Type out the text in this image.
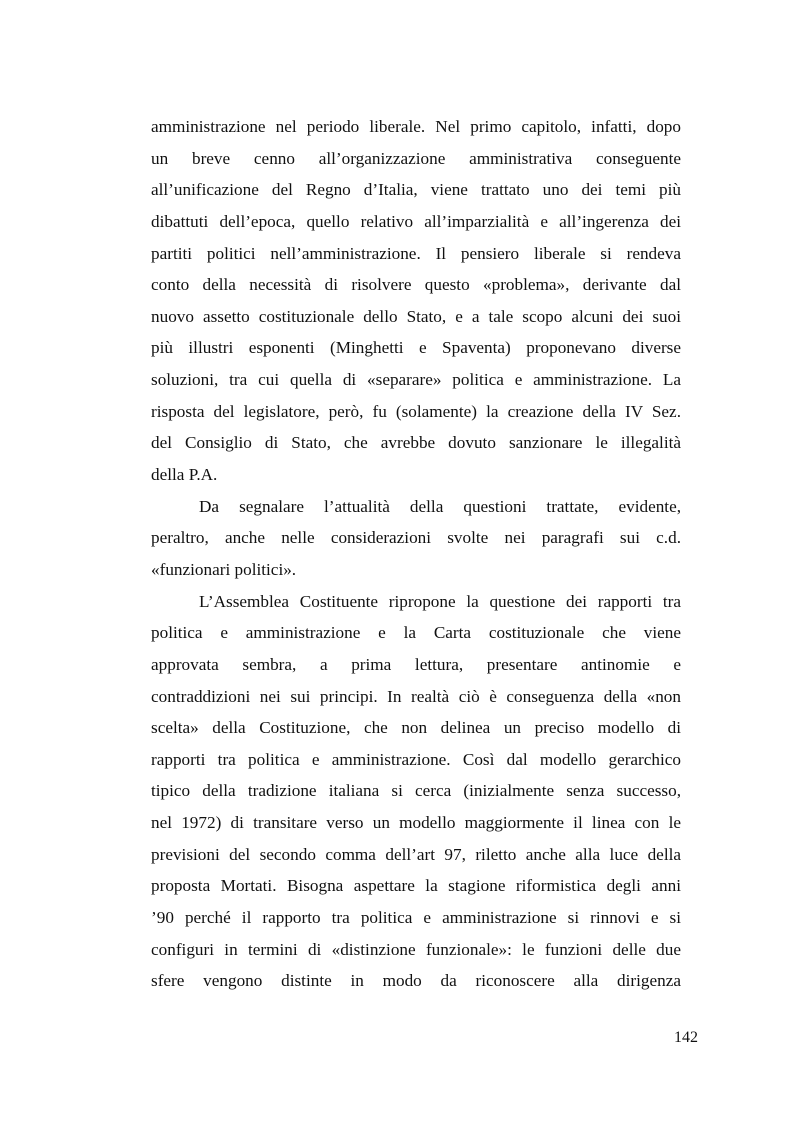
amministrazione nel periodo liberale. Nel primo capitolo, infatti, dopo
un breve cenno all’organizzazione amministrativa conseguente
all’unificazione del Regno d’Italia, viene trattato uno dei temi più
dibattuti dell’epoca, quello relativo all’imparzialità e all’ingerenza dei
partiti politici nell’amministrazione. Il pensiero liberale si rendeva
conto della necessità di risolvere questo «problema», derivante dal
nuovo assetto costituzionale dello Stato, e a tale scopo alcuni dei suoi
più illustri esponenti (Minghetti e Spaventa) proponevano diverse
soluzioni, tra cui quella di «separare» politica e amministrazione. La
risposta del legislatore, però, fu (solamente) la creazione della IV Sez.
del Consiglio di Stato, che avrebbe dovuto sanzionare le illegalità
della P.A.
Da segnalare l’attualità della questioni trattate, evidente,
peraltro, anche nelle considerazioni svolte nei paragrafi sui c.d.
«funzionari politici».
L’Assemblea Costituente ripropone la questione dei rapporti tra
politica e amministrazione e la Carta costituzionale che viene
approvata sembra, a prima lettura, presentare antinomie e
contraddizioni nei sui principi. In realtà ciò è conseguenza della «non
scelta» della Costituzione, che non delinea un preciso modello di
rapporti tra politica e amministrazione. Così dal modello gerarchico
tipico della tradizione italiana si cerca (inizialmente senza successo,
nel 1972) di transitare verso un modello maggiormente il linea con le
previsioni del secondo comma dell’art 97, riletto anche alla luce della
proposta Mortati. Bisogna aspettare la stagione riformistica degli anni
’90 perché il rapporto tra politica e amministrazione si rinnovi e si
configuri in termini di «distinzione funzionale»: le funzioni delle due
sfere vengono distinte in modo da riconoscere alla dirigenza
142
